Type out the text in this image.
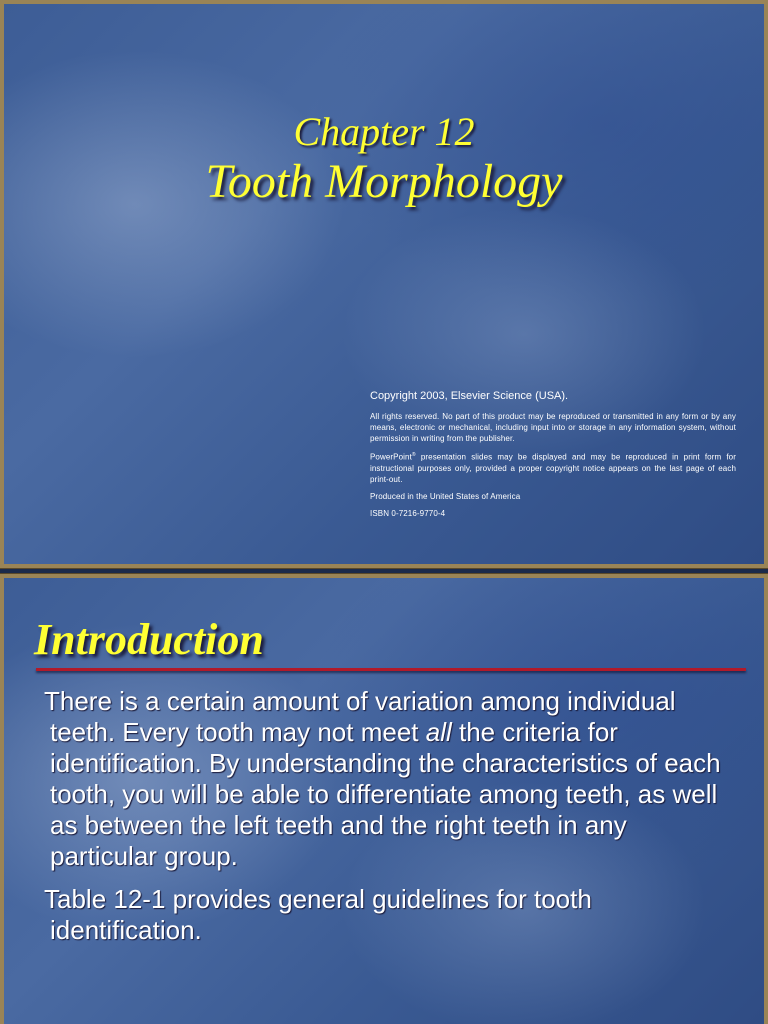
Chapter 12
Tooth Morphology
Copyright 2003, Elsevier Science (USA).
All rights reserved. No part of this product may be reproduced or transmitted in any form or by any means, electronic or mechanical, including input into or storage in any information system, without permission in writing from the publisher.
PowerPoint® presentation slides may be displayed and may be reproduced in print form for instructional purposes only, provided a proper copyright notice appears on the last page of each print-out.
Produced in the United States of America
ISBN 0-7216-9770-4
Introduction

There is a certain amount of variation among individual teeth. Every tooth may not meet all the criteria for identification. By understanding the characteristics of each tooth, you will be able to differentiate among teeth, as well as between the left teeth and the right teeth in any particular group.

Table 12-1 provides general guidelines for tooth identification.
